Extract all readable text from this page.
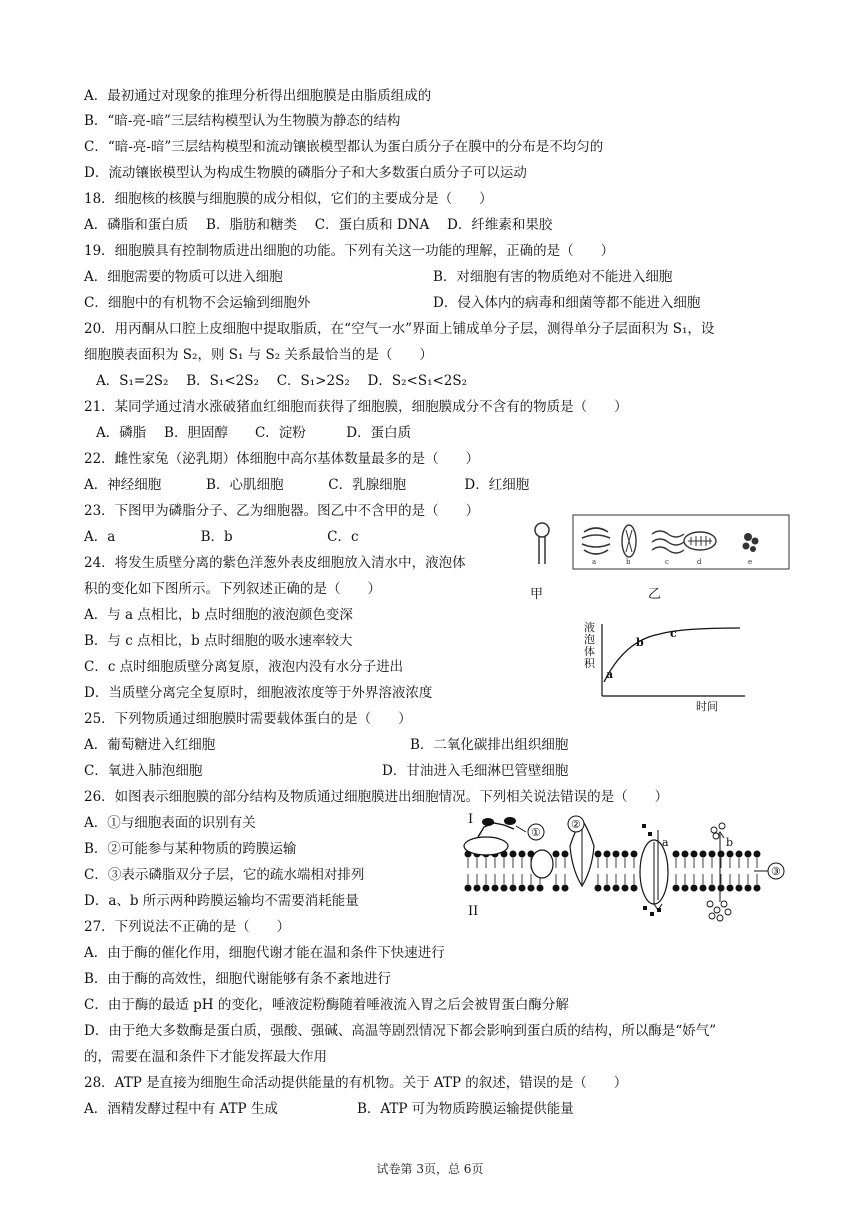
A．最初通过对现象的推理分析得出细胞膜是由脂质组成的
B．“暗-亮-暗”三层结构模型认为生物膜为静态的结构
C．“暗-亮-暗”三层结构模型和流动镶嵌模型都认为蛋白质分子在膜中的分布是不均匀的
D．流动镶嵌模型认为构成生物膜的磷脂分子和大多数蛋白质分子可以运动
18．细胞核的核膜与细胞膜的成分相似，它们的主要成分是（　　）
A．磷脂和蛋白质　 B．脂肪和糖类　 C．蛋白质和 DNA　 D．纤维素和果胶
19．细胞膜具有控制物质进出细胞的功能。下列有关这一功能的理解，正确的是（　　）
A．细胞需要的物质可以进入细胞	B．对细胞有害的物质绝对不能进入细胞
C．细胞中的有机物不会运输到细胞外	D．侵入体内的病毒和细菌等都不能进入细胞
20．用丙酮从口腔上皮细胞中提取脂质，在“空气一水”界面上铺成单分子层，测得单分子层面积为 S₁，设
细胞膜表面积为 S₂，则 S₁ 与 S₂ 关系最恰当的是（　　）
A．S₁=2S₂　 B．S₁<2S₂　 C．S₁>2S₂　 D．S₂<S₁<2S₂
21．某同学通过清水涨破猪血红细胞而获得了细胞膜，细胞膜成分不含有的物质是（　　）
A．磷脂　 B．胆固醇　　C．淀粉　　　D．蛋白质
22．雌性家兔（泌乳期）体细胞中高尔基体数量最多的是（　　）
A．神经细胞　　　 B．心肌细胞　　　 C．乳腺细胞　　　　 D．红细胞
23．下图甲为磷脂分子、乙为细胞器。图乙中不含甲的是（　　）
A．a　　　　　　 B．b　　　　　　　C．c
24．将发生质壁分离的紫色洋葱外表皮细胞放入清水中，液泡体
积的变化如下图所示。下列叙述正确的是（　　）
A．与 a 点相比，b 点时细胞的液泡颜色变深
B．与 c 点相比，b 点时细胞的吸水速率较大
C．c 点时细胞质壁分离复原，液泡内没有水分子进出
D．当质壁分离完全复原时，细胞液浓度等于外界溶液浓度
25．下列物质通过细胞膜时需要载体蛋白的是（　　）
A．葡萄糖进入红细胞	B．二氧化碳排出组织细胞
C．氧进入肺泡细胞	D．甘油进入毛细淋巴管壁细胞
26．如图表示细胞膜的部分结构及物质通过细胞膜进出细胞情况。下列相关说法错误的是（　　）
A．①与细胞表面的识别有关
B．②可能参与某种物质的跨膜运输
C．③表示磷脂双分子层，它的疏水端相对排列
D．a、b 所示两种跨膜运输均不需要消耗能量
27．下列说法不正确的是（　　）
A．由于酶的催化作用，细胞代谢才能在温和条件下快速进行
B．由于酶的高效性，细胞代谢能够有条不紊地进行
C．由于酶的最适 pH 的变化，唾液淀粉酶随着唾液流入胃之后会被胃蛋白酶分解
D．由于绝大多数酶是蛋白质，强酸、强碱、高温等剧烈情况下都会影响到蛋白质的结构，所以酶是“娇气”
的，需要在温和条件下才能发挥最大作用
28．ATP 是直接为细胞生命活动提供能量的有机物。关于 ATP 的叙述，错误的是（　　）
A．酒精发酵过程中有 ATP 生成	B．ATP 可为物质跨膜运输提供能量
甲
a	b	c	d	e
乙
a
b
c
液泡体积
时间
①
②
a	b
③
I
II
试卷第 3页，总 6页
